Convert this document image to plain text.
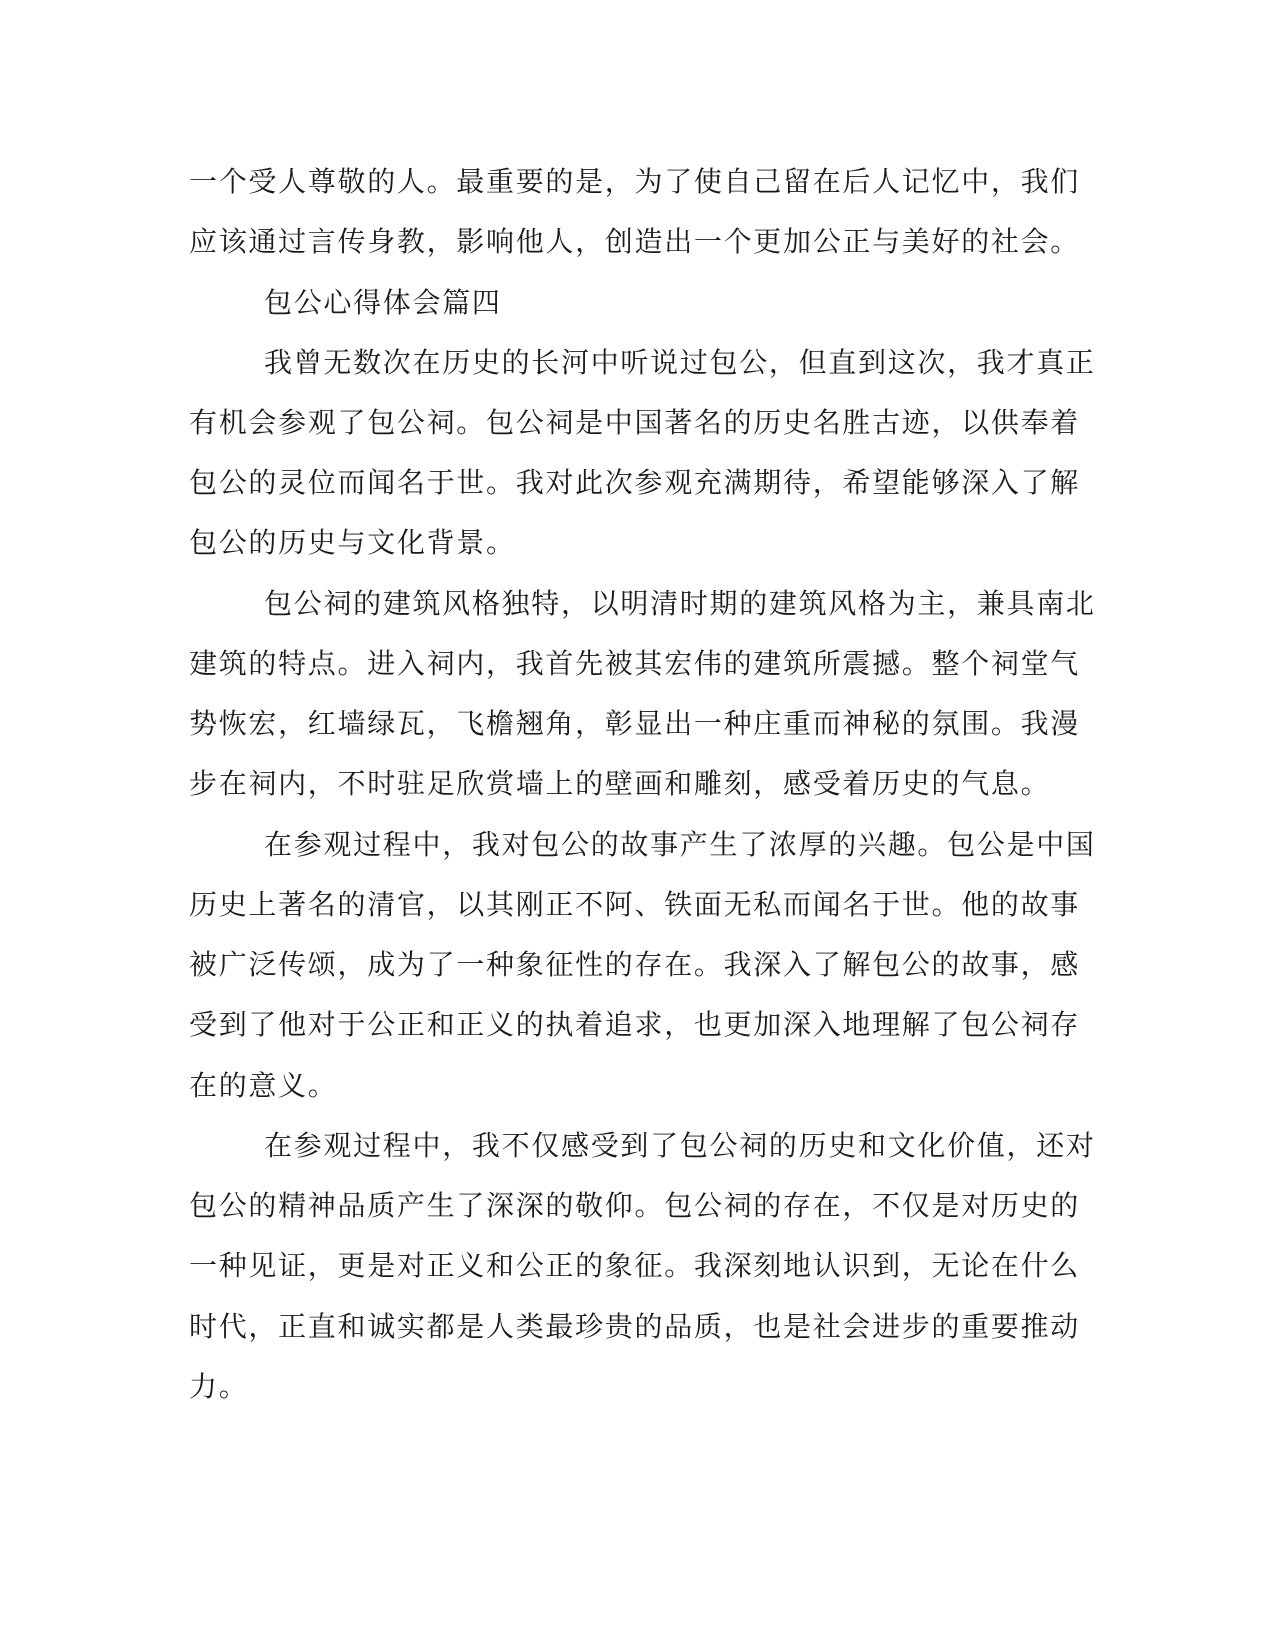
一个受人尊敬的人。最重要的是，为了使自己留在后人记忆中，我们
应该通过言传身教，影响他人，创造出一个更加公正与美好的社会。
包公心得体会篇四
我曾无数次在历史的长河中听说过包公，但直到这次，我才真正
有机会参观了包公祠。包公祠是中国著名的历史名胜古迹，以供奉着
包公的灵位而闻名于世。我对此次参观充满期待，希望能够深入了解
包公的历史与文化背景。
包公祠的建筑风格独特，以明清时期的建筑风格为主，兼具南北
建筑的特点。进入祠内，我首先被其宏伟的建筑所震撼。整个祠堂气
势恢宏，红墙绿瓦，飞檐翘角，彰显出一种庄重而神秘的氛围。我漫
步在祠内，不时驻足欣赏墙上的壁画和雕刻，感受着历史的气息。
在参观过程中，我对包公的故事产生了浓厚的兴趣。包公是中国
历史上著名的清官，以其刚正不阿、铁面无私而闻名于世。他的故事
被广泛传颂，成为了一种象征性的存在。我深入了解包公的故事，感
受到了他对于公正和正义的执着追求，也更加深入地理解了包公祠存
在的意义。
在参观过程中，我不仅感受到了包公祠的历史和文化价值，还对
包公的精神品质产生了深深的敬仰。包公祠的存在，不仅是对历史的
一种见证，更是对正义和公正的象征。我深刻地认识到，无论在什么
时代，正直和诚实都是人类最珍贵的品质，也是社会进步的重要推动
力。
